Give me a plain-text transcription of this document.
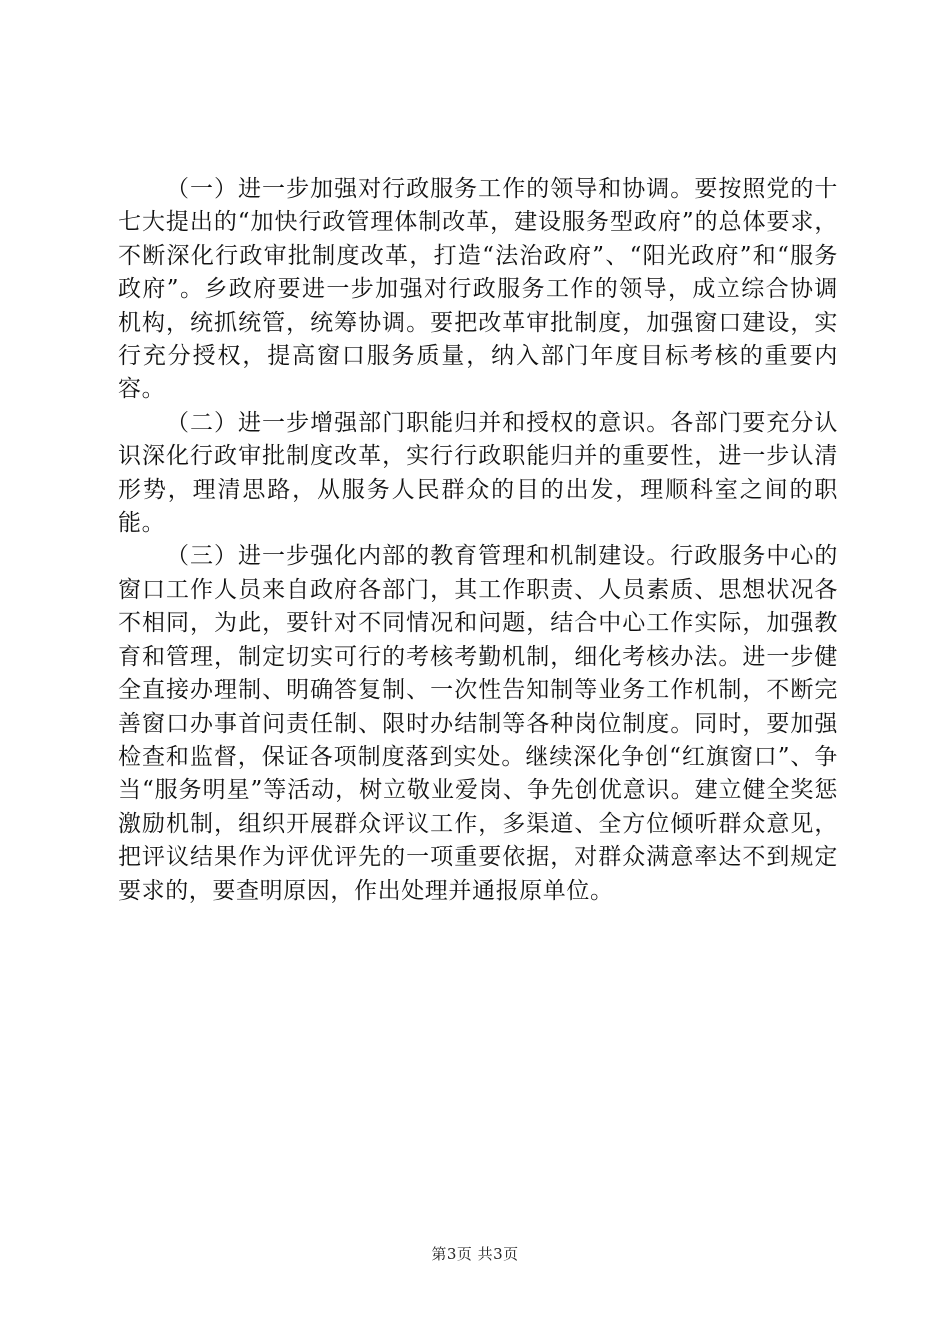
（一）进一步加强对行政服务工作的领导和协调。要按照党的十七大提出的“加快行政管理体制改革，建设服务型政府”的总体要求，不断深化行政审批制度改革，打造“法治政府”、“阳光政府”和“服务政府”。乡政府要进一步加强对行政服务工作的领导，成立综合协调机构，统抓统管，统筹协调。要把改革审批制度，加强窗口建设，实行充分授权，提高窗口服务质量，纳入部门年度目标考核的重要内容。

（二）进一步增强部门职能归并和授权的意识。各部门要充分认识深化行政审批制度改革，实行行政职能归并的重要性，进一步认清形势，理清思路，从服务人民群众的目的出发，理顺科室之间的职能。

（三）进一步强化内部的教育管理和机制建设。行政服务中心的窗口工作人员来自政府各部门，其工作职责、人员素质、思想状况各不相同，为此，要针对不同情况和问题，结合中心工作实际，加强教育和管理，制定切实可行的考核考勤机制，细化考核办法。进一步健全直接办理制、明确答复制、一次性告知制等业务工作机制，不断完善窗口办事首问责任制、限时办结制等各种岗位制度。同时，要加强检查和监督，保证各项制度落到实处。继续深化争创“红旗窗口”、争当“服务明星”等活动，树立敬业爱岗、争先创优意识。建立健全奖惩激励机制，组织开展群众评议工作，多渠道、全方位倾听群众意见，把评议结果作为评优评先的一项重要依据，对群众满意率达不到规定要求的，要查明原因，作出处理并通报原单位。

第3页 共3页
